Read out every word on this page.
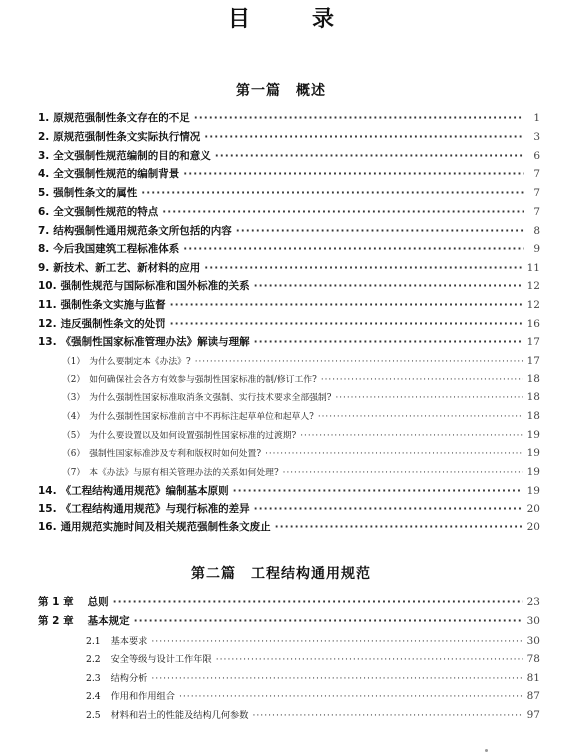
目　录
第一篇　概述
1. 原规范强制性条文存在的不足 ·····	1
2. 原规范强制性条文实际执行情况 ·····	3
3. 全文强制性规范编制的目的和意义 ·····	6
4. 全文强制性规范的编制背景 ·····	7
5. 强制性条文的属性 ·····	7
6. 全文强制性规范的特点 ·····	7
7. 结构强制性通用规范条文所包括的内容 ·····	8
8. 今后我国建筑工程标准体系 ·····	9
9. 新技术、新工艺、新材料的应用 ·····	11
10. 强制性规范与国际标准和国外标准的关系 ·····	12
11. 强制性条文实施与监督 ·····	12
12. 违反强制性条文的处罚 ·····	16
13. 《强制性国家标准管理办法》解读与理解 ·····	17
（1） 为什么要制定本《办法》? ·····	17
（2） 如何确保社会各方有效参与强制性国家标准的制/修订工作? ·····	18
（3） 为什么强制性国家标准取消条文强制、实行技术要求全部强制? ·····	18
（4） 为什么强制性国家标准前言中不再标注起草单位和起草人? ·····	18
（5） 为什么要设置以及如何设置强制性国家标准的过渡期? ·····	19
（6） 强制性国家标准涉及专利和版权时如何处置? ·····	19
（7） 本《办法》与原有相关管理办法的关系如何处理? ·····	19
14. 《工程结构通用规范》编制基本原则 ·····	19
15. 《工程结构通用规范》与现行标准的差异 ·····	20
16. 通用规范实施时间及相关规范强制性条文废止 ·····	20
第二篇　工程结构通用规范
第 1 章 总则 ·····	23
第 2 章 基本规定 ·····	30
2.1 基本要求 ·····	30
2.2 安全等级与设计工作年限 ·····	78
2.3 结构分析 ·····	81
2.4 作用和作用组合 ·····	87
2.5 材料和岩土的性能及结构几何参数 ·····	97
